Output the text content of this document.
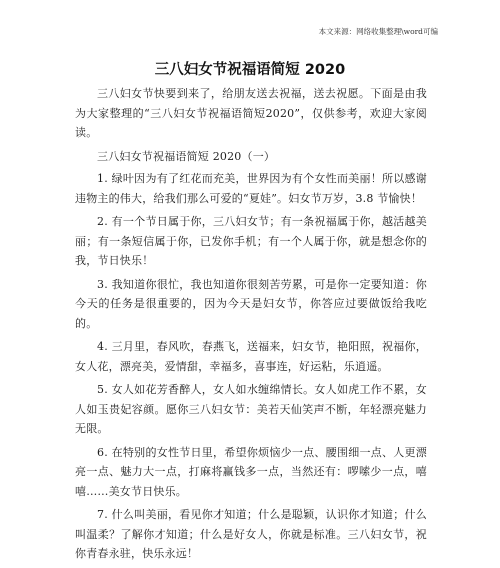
本文来源：网络收集整理\word可编
三八妇女节祝福语简短 2020

三八妇女节快要到来了，给朋友送去祝福，送去祝愿。下面是由我为大家整理的“三八妇女节祝福语简短2020”，仅供参考，欢迎大家阅读。

三八妇女节祝福语简短 2020（一）

1. 绿叶因为有了红花而充美，世界因为有个女性而美丽！所以感谢违物主的伟大，给我们那么可爱的“夏娃”。妇女节万岁，3.8 节愉快！

2. 有一个节日属于你，三八妇女节；有一条祝福属于你，越活越美丽；有一条短信属于你，已发你手机；有一个人属于你，就是想念你的我，节日快乐！

3. 我知道你很忙，我也知道你很刻苦劳累，可是你一定要知道：你今天的任务是很重要的，因为今天是妇女节，你答应过要做饭给我吃的。

4. 三月里，春风吹，春燕飞，送福来，妇女节，艳阳照，祝福你，女人花，漂亮美，爱情甜，幸福多，喜事连，好运粘，乐逍遥。

5. 女人如花芳香醉人，女人如水缠绵情长。女人如虎工作不累，女人如玉贵妃容颜。愿你三八妇女节：美若天仙笑声不断，年轻漂亮魅力无限。

6. 在特别的女性节日里，希望你烦恼少一点、腰围细一点、人更漂亮一点、魅力大一点，打麻将赢钱多一点，当然还有：啰嗦少一点，嘻嘻……美女节日快乐。

7. 什么叫美丽，看见你才知道；什么是聪颖，认识你才知道；什么叫温柔？了解你才知道；什么是好女人，你就是标准。三八妇女节，祝你青春永驻，快乐永远！
